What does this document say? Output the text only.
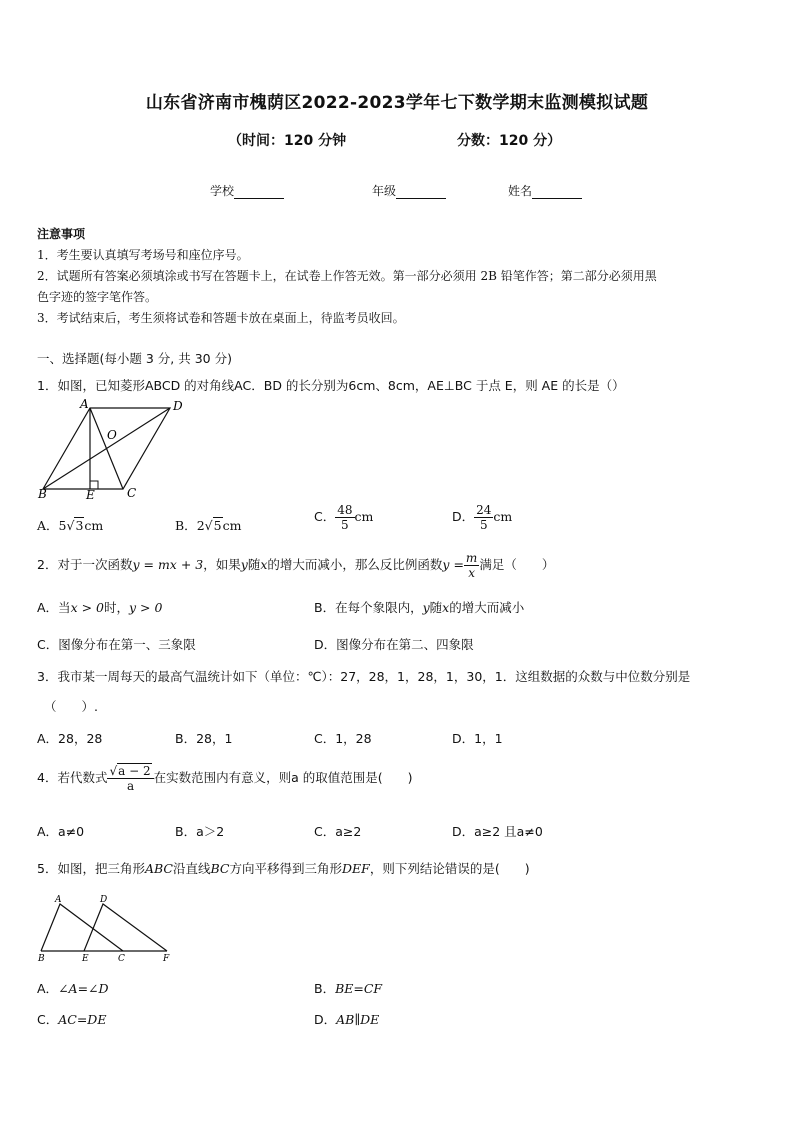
山东省济南市槐荫区2022-2023学年七下数学期末监测模拟试题
（时间：120 分钟	分数：120 分）
学校	年级	姓名
注意事项
1．考生要认真填写考场号和座位序号。
2．试题所有答案必须填涂或书写在答题卡上，在试卷上作答无效。第一部分必须用 2B 铅笔作答；第二部分必须用黑
色字迹的签字笔作答。
3．考试结束后，考生须将试卷和答题卡放在桌面上，待监考员收回。
一、选择题(每小题 3 分, 共 30 分)
1．如图，已知菱形ABCD 的对角线AC．BD 的长分别为6cm、8cm，AE⊥BC 于点 E，则 AE 的长是（）
A	D
O
B	E	C
A．5√3cm	B．2√5cm
C． $\frac{48}{5}$ cm	D． $\frac{24}{5}$ cm
2．对于一次函数y = mx + 3，如果y随x的增大而减小，那么反比例函数$y = \frac{m}{x}$ 满足（　　）
A．当x > 0时，y > 0	B．在每个象限内，y随x的增大而减小
C．图像分布在第一、三象限	D．图像分布在第二、四象限
3．我市某一周每天的最高气温统计如下（单位：℃）：27，28，1，28，1，30，1．这组数据的众数与中位数分别是
（　　）.
A．28，28	B．28，1	C．1，28	D．1，1
4．若代数式 $\frac{√a - 2}{a}$ 在实数范围内有意义，则a 的取值范围是(　　)
A．a≠0	B．a＞2	C．a≥2	D．a≥2 且a≠0
5．如图，把三角形ABC沿直线BC方向平移得到三角形DEF，则下列结论错误的是(　　)
A	D
B	E	C	F
A．∠A=∠D	B．BE=CF
C．AC=DE	D．AB∥DE
